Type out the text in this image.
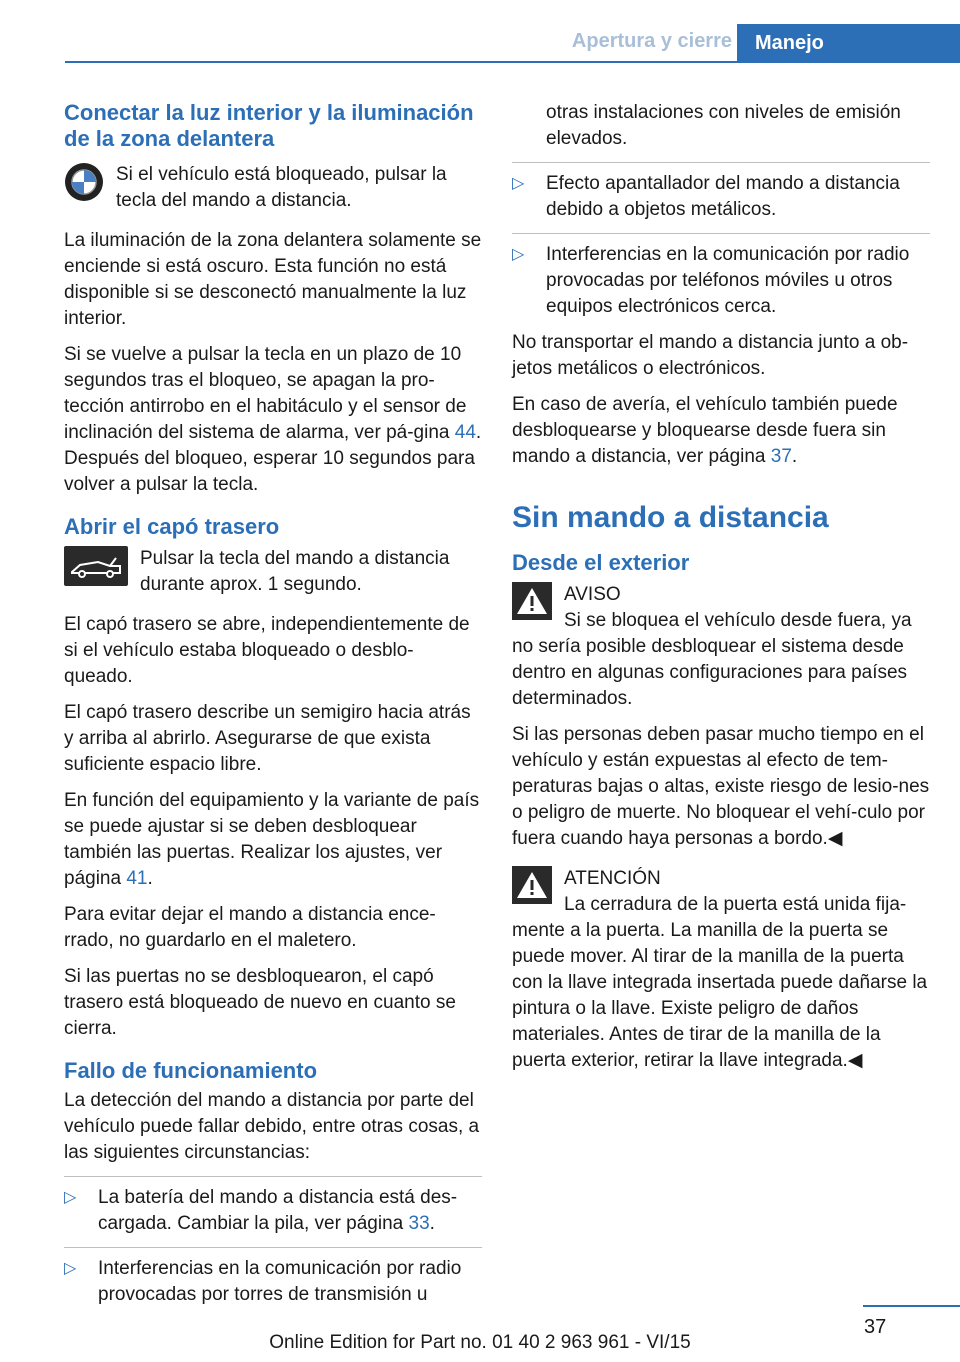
Apertura y cierre	Manejo
Conectar la luz interior y la iluminación de la zona delantera
Si el vehículo está bloqueado, pulsar la tecla del mando a distancia.

La iluminación de la zona delantera solamente se enciende si está oscuro. Esta función no está disponible si se desconectó manualmente la luz interior.

Si se vuelve a pulsar la tecla en un plazo de 10 segundos tras el bloqueo, se apagan la pro‐tección antirrobo en el habitáculo y el sensor de inclinación del sistema de alarma, ver pá‐gina 44. Después del bloqueo, esperar 10 segundos para volver a pulsar la tecla.

Abrir el capó trasero
Pulsar la tecla del mando a distancia durante aprox. 1 segundo.

El capó trasero se abre, independientemente de si el vehículo estaba bloqueado o desblo‐queado.

El capó trasero describe un semigiro hacia atrás y arriba al abrirlo. Asegurarse de que exista suficiente espacio libre.

En función del equipamiento y la variante de país se puede ajustar si se deben desbloquear también las puertas. Realizar los ajustes, ver página 41.

Para evitar dejar el mando a distancia ence‐rrado, no guardarlo en el maletero.

Si las puertas no se desbloquearon, el capó trasero está bloqueado de nuevo en cuanto se cierra.

Fallo de funcionamiento

La detección del mando a distancia por parte del vehículo puede fallar debido, entre otras cosas, a las siguientes circunstancias:

▷ La batería del mando a distancia está des‐cargada. Cambiar la pila, ver página 33.
▷ Interferencias en la comunicación por radio provocadas por torres de transmisión u
otras instalaciones con niveles de emisión elevados.
▷ Efecto apantallador del mando a distancia debido a objetos metálicos.
▷ Interferencias en la comunicación por radio provocadas por teléfonos móviles u otros equipos electrónicos cerca.

No transportar el mando a distancia junto a ob‐jetos metálicos o electrónicos.

En caso de avería, el vehículo también puede desbloquearse y bloquearse desde fuera sin mando a distancia, ver página 37.

Sin mando a distancia
Desde el exterior
AVISO
Si se bloquea el vehículo desde fuera, ya

no sería posible desbloquear el sistema desde dentro en algunas configuraciones para países determinados.

Si las personas deben pasar mucho tiempo en el vehículo y están expuestas al efecto de tem‐peraturas bajas o altas, existe riesgo de lesio‐nes o peligro de muerte. No bloquear el vehí‐culo por fuera cuando haya personas a bordo.◀

ATENCIÓN
La cerradura de la puerta está unida fija‐

mente a la puerta. La manilla de la puerta se puede mover. Al tirar de la manilla de la puerta con la llave integrada insertada puede dañarse la pintura o la llave. Existe peligro de daños materiales. Antes de tirar de la manilla de la puerta exterior, retirar la llave integrada.◀

37
Online Edition for Part no. 01 40 2 963 961 - VI/15
